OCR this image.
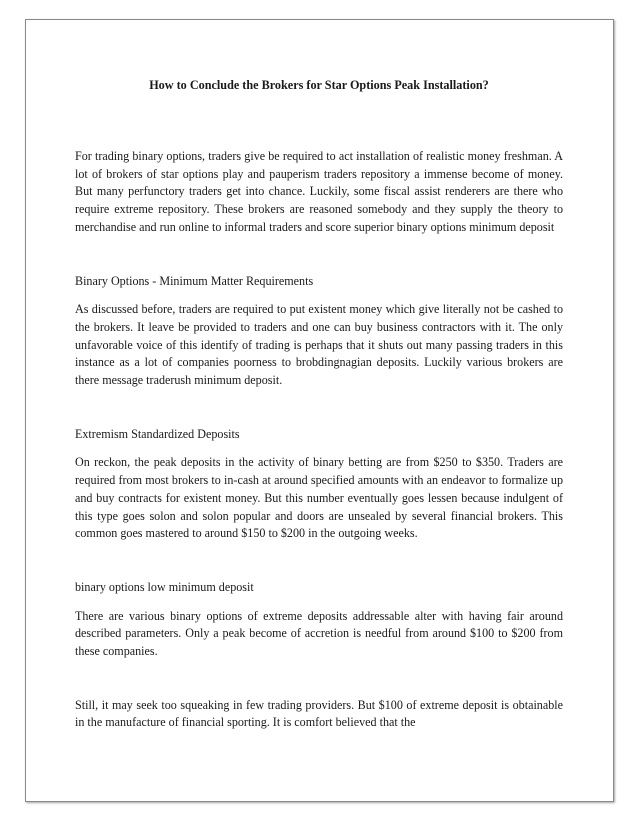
How to Conclude the Brokers for Star Options Peak Installation?

For trading binary options, traders give be required to act installation of realistic money freshman. A lot of brokers of star options play and pauperism traders repository a immense become of money. But many perfunctory traders get into chance. Luckily, some fiscal assist renderers are there who require extreme repository. These brokers are reasoned somebody and they supply the theory to merchandise and run online to informal traders and score superior binary options minimum deposit

Binary Options - Minimum Matter Requirements

As discussed before, traders are required to put existent money which give literally not be cashed to the brokers. It leave be provided to traders and one can buy business contractors with it. The only unfavorable voice of this identify of trading is perhaps that it shuts out many passing traders in this instance as a lot of companies poorness to brobdingnagian deposits. Luckily various brokers are there message traderush minimum deposit.

Extremism Standardized Deposits

On reckon, the peak deposits in the activity of binary betting are from $250 to $350. Traders are required from most brokers to in-cash at around specified amounts with an endeavor to formalize up and buy contracts for existent money. But this number eventually goes lessen because indulgent of this type goes solon and solon popular and doors are unsealed by several financial brokers. This common goes mastered to around $150 to $200 in the outgoing weeks.

binary options low minimum deposit

There are various binary options of extreme deposits addressable alter with having fair around described parameters. Only a peak become of accretion is needful from around $100 to $200 from these companies.

Still, it may seek too squeaking in few trading providers. But $100 of extreme deposit is obtainable in the manufacture of financial sporting. It is comfort believed that the
